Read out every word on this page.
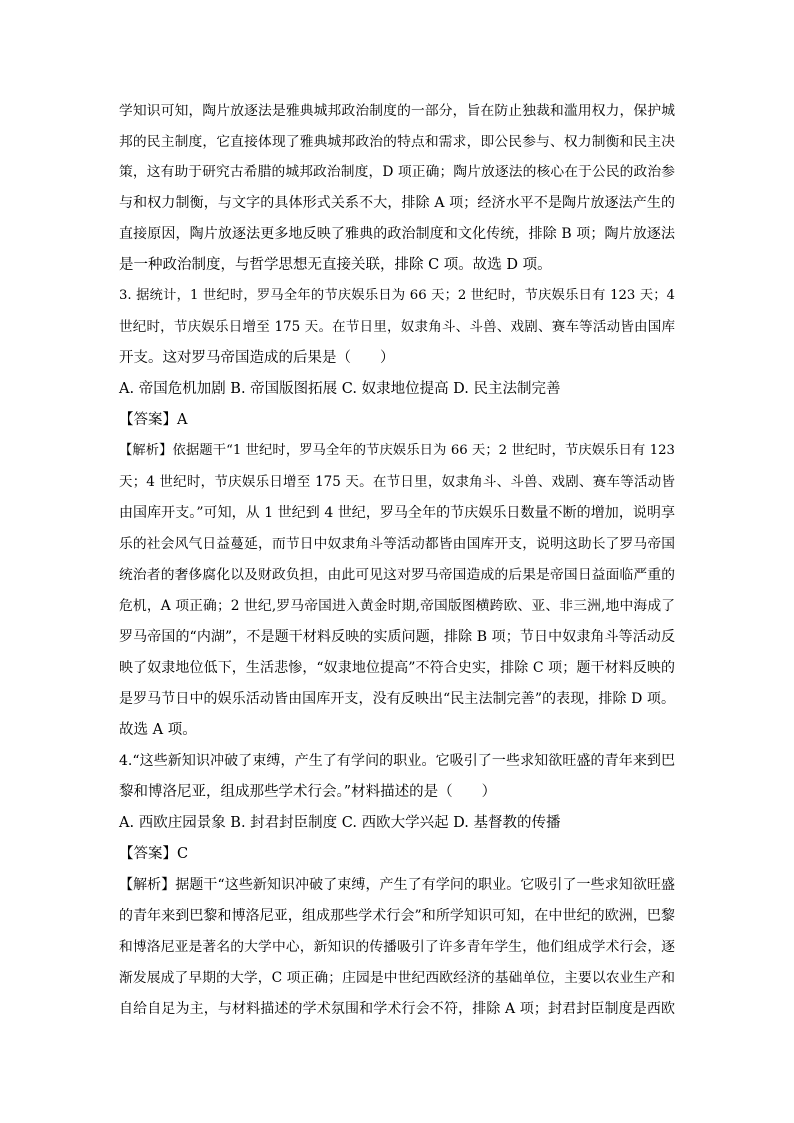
学知识可知，陶片放逐法是雅典城邦政治制度的一部分，旨在防止独裁和滥用权力，保护城
邦的民主制度，它直接体现了雅典城邦政治的特点和需求，即公民参与、权力制衡和民主决
策，这有助于研究古希腊的城邦政治制度，D 项正确；陶片放逐法的核心在于公民的政治参
与和权力制衡，与文字的具体形式关系不大，排除 A 项；经济水平不是陶片放逐法产生的
直接原因，陶片放逐法更多地反映了雅典的政治制度和文化传统，排除 B 项；陶片放逐法
是一种政治制度，与哲学思想无直接关联，排除 C 项。故选 D 项。
3. 据统计，1 世纪时，罗马全年的节庆娱乐日为 66 天；2 世纪时，节庆娱乐日有 123 天；4
世纪时，节庆娱乐日增至 175 天。在节日里，奴隶角斗、斗兽、戏剧、赛车等活动皆由国库
开支。这对罗马帝国造成的后果是（　　）
A. 帝国危机加剧 B. 帝国版图拓展 C. 奴隶地位提高 D. 民主法制完善
【答案】A
【解析】依据题干“1 世纪时，罗马全年的节庆娱乐日为 66 天；2 世纪时，节庆娱乐日有 123
天；4 世纪时，节庆娱乐日增至 175 天。在节日里，奴隶角斗、斗兽、戏剧、赛车等活动皆
由国库开支。”可知，从 1 世纪到 4 世纪，罗马全年的节庆娱乐日数量不断的增加，说明享
乐的社会风气日益蔓延，而节日中奴隶角斗等活动都皆由国库开支，说明这助长了罗马帝国
统治者的奢侈腐化以及财政负担，由此可见这对罗马帝国造成的后果是帝国日益面临严重的
危机，A 项正确；2 世纪,罗马帝国进入黄金时期,帝国版图横跨欧、亚、非三洲,地中海成了
罗马帝国的“内湖”，不是题干材料反映的实质问题，排除 B 项；节日中奴隶角斗等活动反
映了奴隶地位低下，生活悲惨，“奴隶地位提高”不符合史实，排除 C 项；题干材料反映的
是罗马节日中的娱乐活动皆由国库开支，没有反映出“民主法制完善”的表现，排除 D 项。
故选 A 项。
4.“这些新知识冲破了束缚，产生了有学问的职业。它吸引了一些求知欲旺盛的青年来到巴
黎和博洛尼亚，组成那些学术行会。”材料描述的是（　　）
A. 西欧庄园景象 B. 封君封臣制度 C. 西欧大学兴起 D. 基督教的传播
【答案】C
【解析】据题干“这些新知识冲破了束缚，产生了有学问的职业。它吸引了一些求知欲旺盛
的青年来到巴黎和博洛尼亚，组成那些学术行会”和所学知识可知，在中世纪的欧洲，巴黎
和博洛尼亚是著名的大学中心，新知识的传播吸引了许多青年学生，他们组成学术行会，逐
渐发展成了早期的大学，C 项正确；庄园是中世纪西欧经济的基础单位，主要以农业生产和
自给自足为主，与材料描述的学术氛围和学术行会不符，排除 A 项；封君封臣制度是西欧
